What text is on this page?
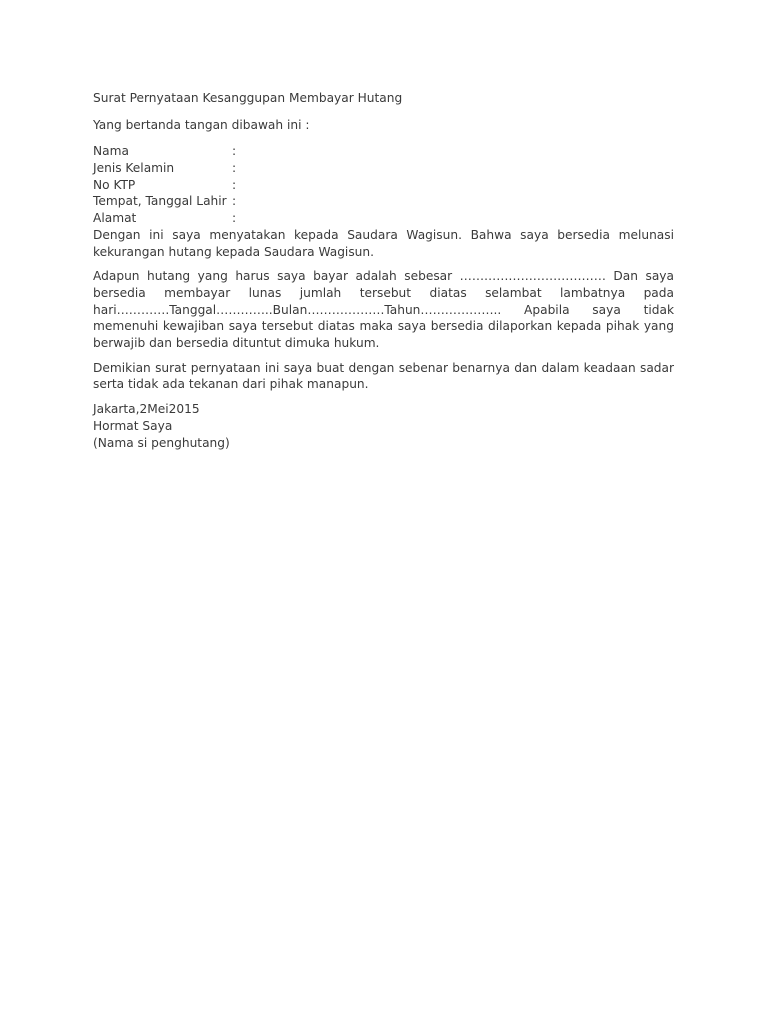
Surat Pernyataan Kesanggupan Membayar Hutang
Yang bertanda tangan dibawah ini :
Nama	:
Jenis Kelamin	:
No KTP	:
Tempat, Tanggal Lahir :
Alamat	:
Dengan ini saya menyatakan kepada Saudara Wagisun. Bahwa saya bersedia melunasi kekurangan hutang kepada Saudara Wagisun.
Adapun hutang yang harus saya bayar adalah sebesar ……………………………… Dan saya bersedia membayar lunas jumlah tersebut diatas selambat lambatnya pada hari………….Tanggal…………..Bulan……………….Tahun……………….. Apabila saya tidak memenuhi kewajiban saya tersebut diatas maka saya bersedia dilaporkan kepada pihak yang berwajib dan bersedia dituntut dimuka hukum.
Demikian surat pernyataan ini saya buat dengan sebenar benarnya dan dalam keadaan sadar serta tidak ada tekanan dari pihak manapun.
Jakarta,2Mei2015
Hormat Saya
(Nama si penghutang)
